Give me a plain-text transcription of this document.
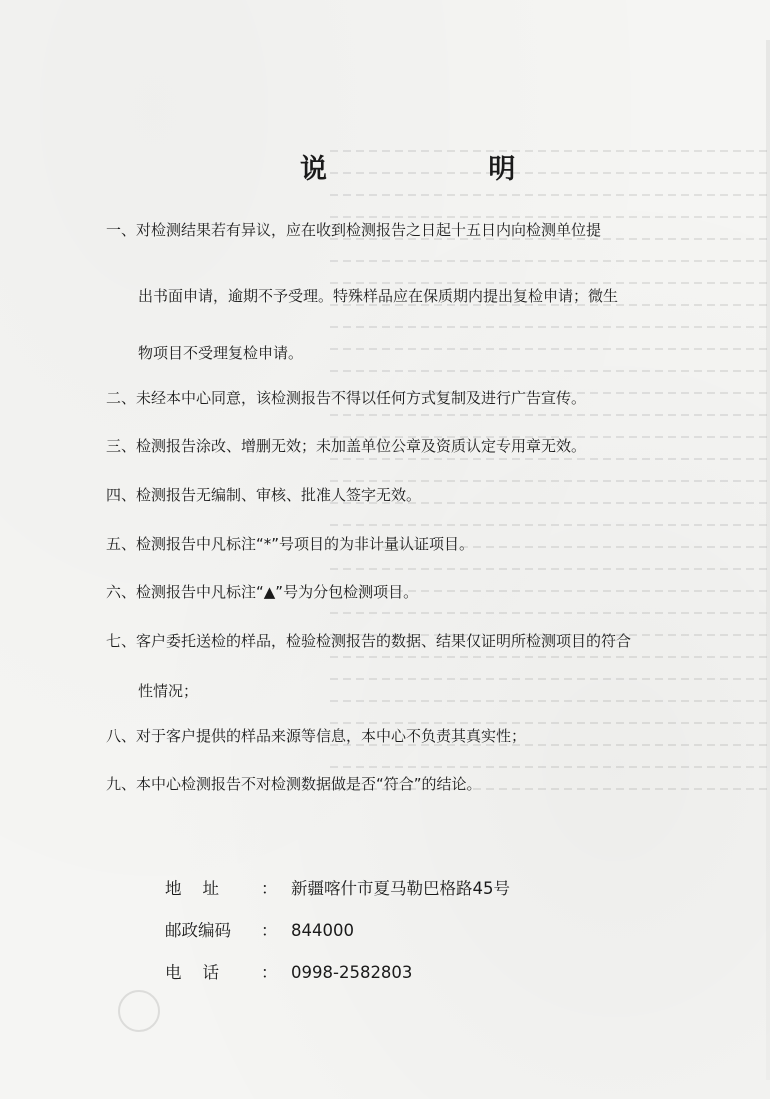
说 明
一、对检测结果若有异议，应在收到检测报告之日起十五日内向检测单位提
出书面申请，逾期不予受理。特殊样品应在保质期内提出复检申请；微生
物项目不受理复检申请。
二、未经本中心同意，该检测报告不得以任何方式复制及进行广告宣传。
三、检测报告涂改、增删无效；未加盖单位公章及资质认定专用章无效。
四、检测报告无编制、审核、批准人签字无效。
五、检测报告中凡标注“*”号项目的为非计量认证项目。
六、检测报告中凡标注“▲”号为分包检测项目。
七、客户委托送检的样品，检验检测报告的数据、结果仅证明所检测项目的符合
性情况；
八、对于客户提供的样品来源等信息，本中心不负责其真实性；
九、本中心检测报告不对检测数据做是否“符合”的结论。
地    址	： 新疆喀什市夏马勒巴格路45号
邮政编码 ： 844000
电    话	： 0998-2582803
